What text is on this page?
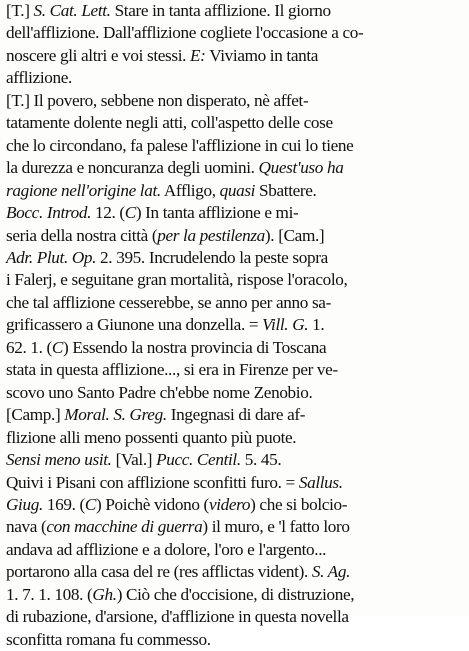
[T.] S. Cat. Lett. Stare in tanta afflizione. Il giorno
dell'afflizione. Dall'afflizione cogliete l'occasione a co-
noscere gli altri e voi stessi. E: Viviamo in tanta
afflizione.
[T.] Il povero, sebbene non disperato, nè affet-
tatamente dolente negli atti, coll'aspetto delle cose
che lo circondano, fa palese l'afflizione in cui lo tiene
la durezza e noncuranza degli uomini. Quest'uso ha
ragione nell'origine lat. Affligo, quasi Sbattere.
Bocc. Introd. 12. (C) In tanta afflizione e mi-
seria della nostra città (per la pestilenza). [Cam.]
Adr. Plut. Op. 2. 395. Incrudelendo la peste sopra
i Falerj, e seguitane gran mortalità, rispose l'oracolo,
che tal afflizione cesserebbe, se anno per anno sa-
grificassero a Giunone una donzella. = Vill. G. 1.
62. 1. (C) Essendo la nostra provincia di Toscana
stata in questa afflizione..., si era in Firenze per ve-
scovo uno Santo Padre ch'ebbe nome Zenobio.
[Camp.] Moral. S. Greg. Ingegnasi di dare af-
flizione alli meno possenti quanto più puote.
Sensi meno usit. [Val.] Pucc. Centil. 5. 45.
Quivi i Pisani con afflizione sconfitti furo. = Sallus.
Giug. 169. (C) Poichè vidono (videro) che si bolcio-
nava (con macchine di guerra) il muro, e 'l fatto loro
andava ad afflizione e a dolore, l'oro e l'argento...
portarono alla casa del re (res afflictas vident). S. Ag.
1. 7. 1. 108. (Gh.) Ciò che d'occisione, di distruzione,
di rubazione, d'arsione, d'afflizione in questa novella
sconfitta romana fu commesso.
